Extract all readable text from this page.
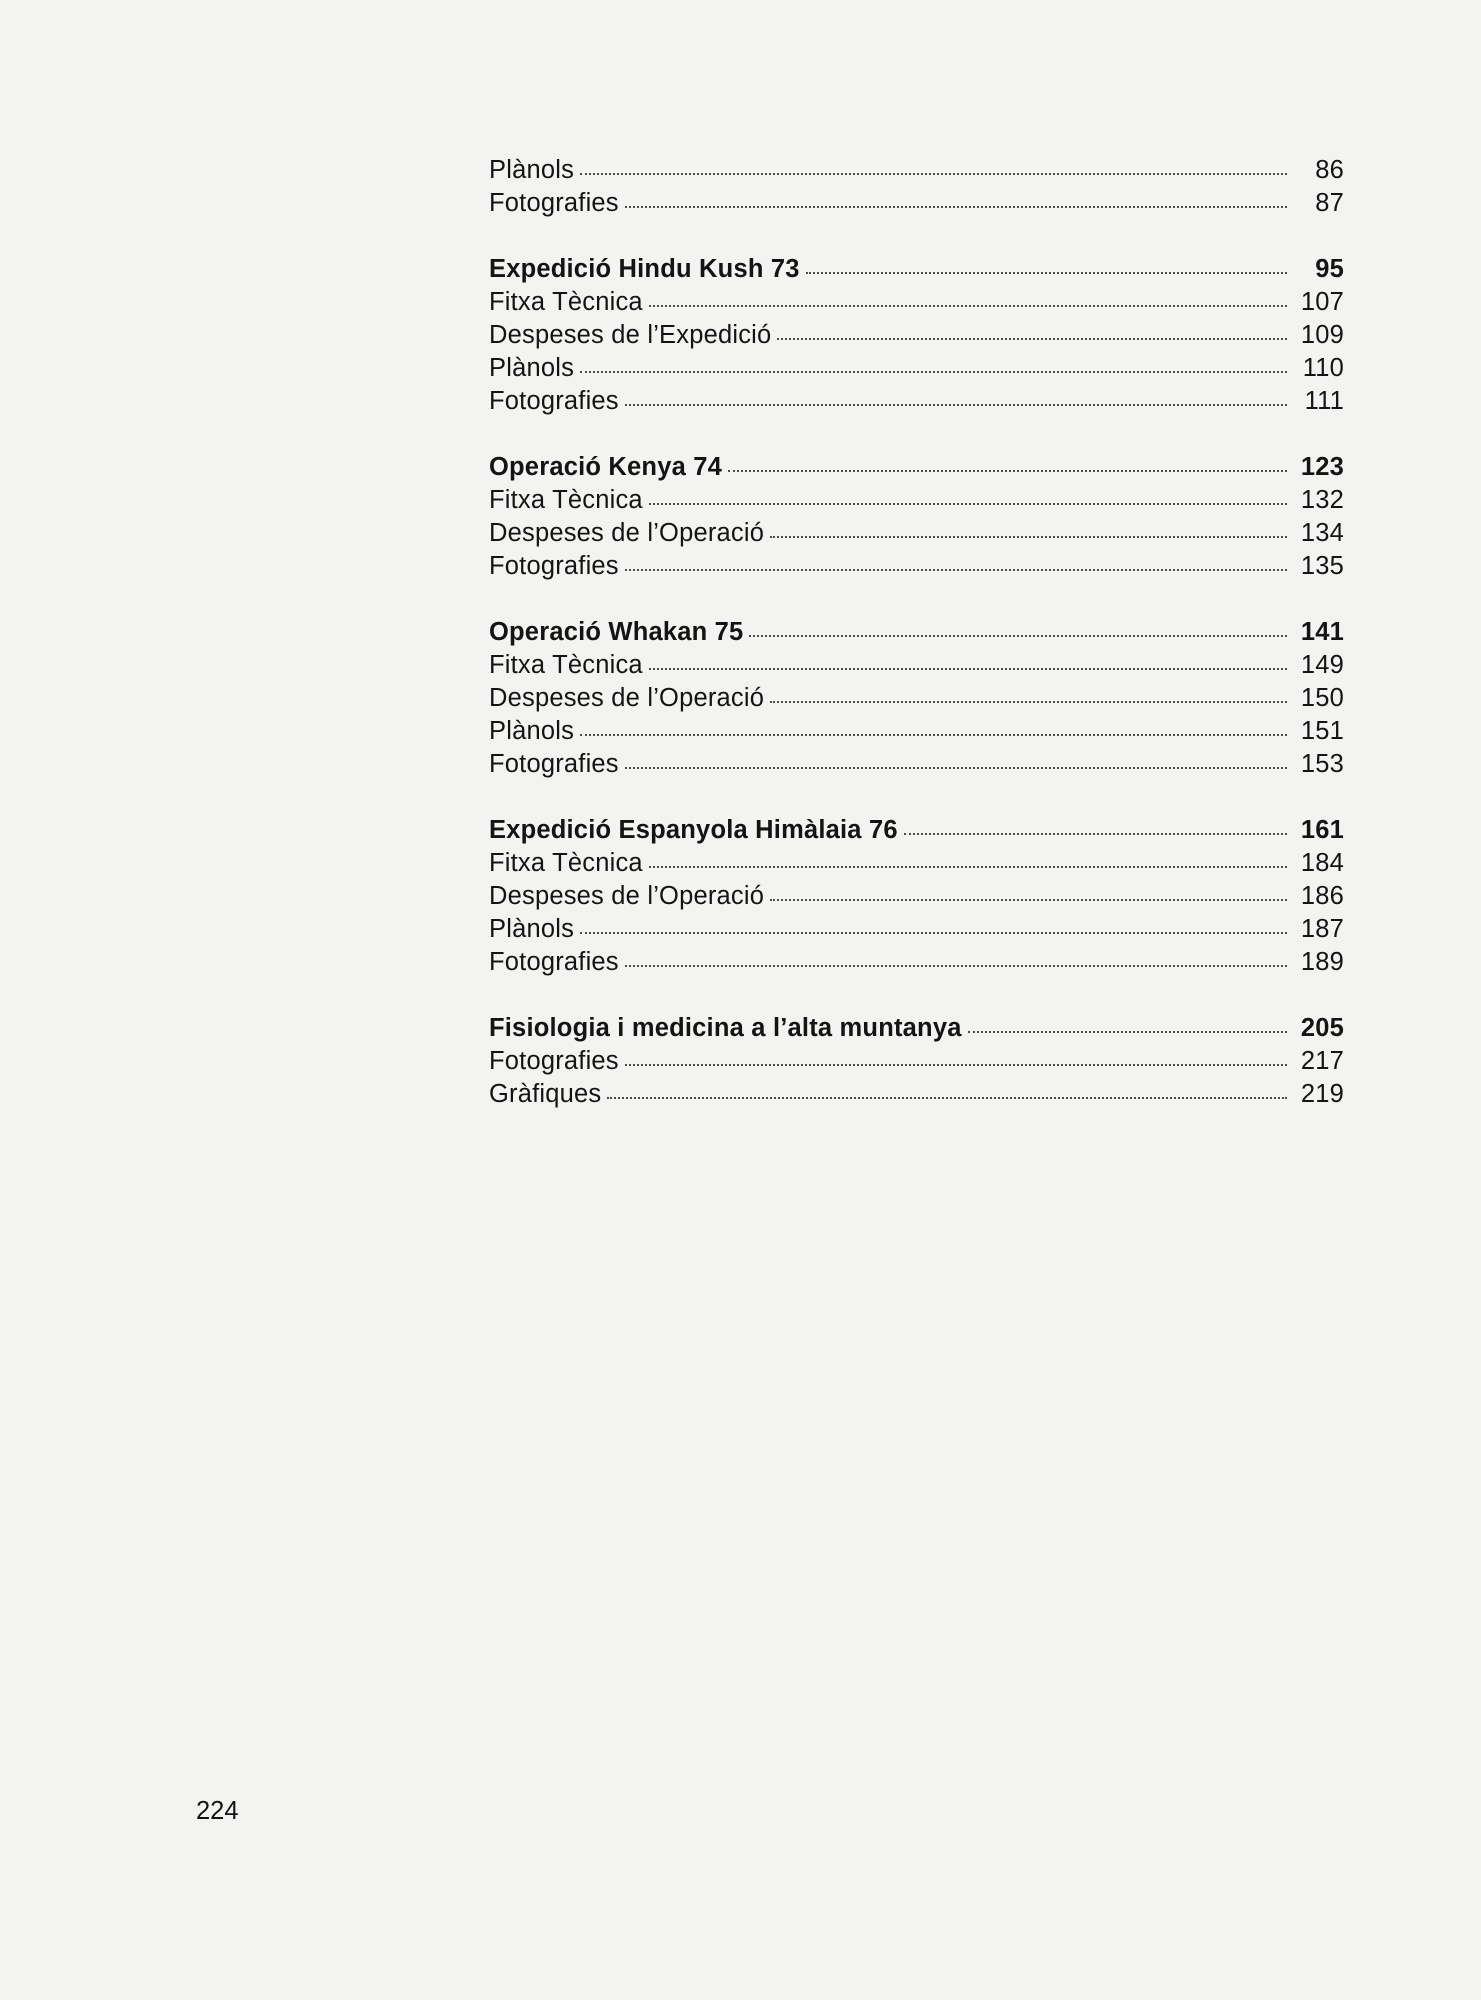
Plànols	86
Fotografies	87
Expedició Hindu Kush 73	95
Fitxa Tècnica	107
Despeses de l’Expedició	109
Plànols	110
Fotografies	111
Operació Kenya 74	123
Fitxa Tècnica	132
Despeses de l’Operació	134
Fotografies	135
Operació Whakan 75	141
Fitxa Tècnica	149
Despeses de l’Operació	150
Plànols	151
Fotografies	153
Expedició Espanyola Himàlaia 76	161
Fitxa Tècnica	184
Despeses de l’Operació	186
Plànols	187
Fotografies	189
Fisiologia i medicina a l’alta muntanya	205
Fotografies	217
Gràfiques	219
224
